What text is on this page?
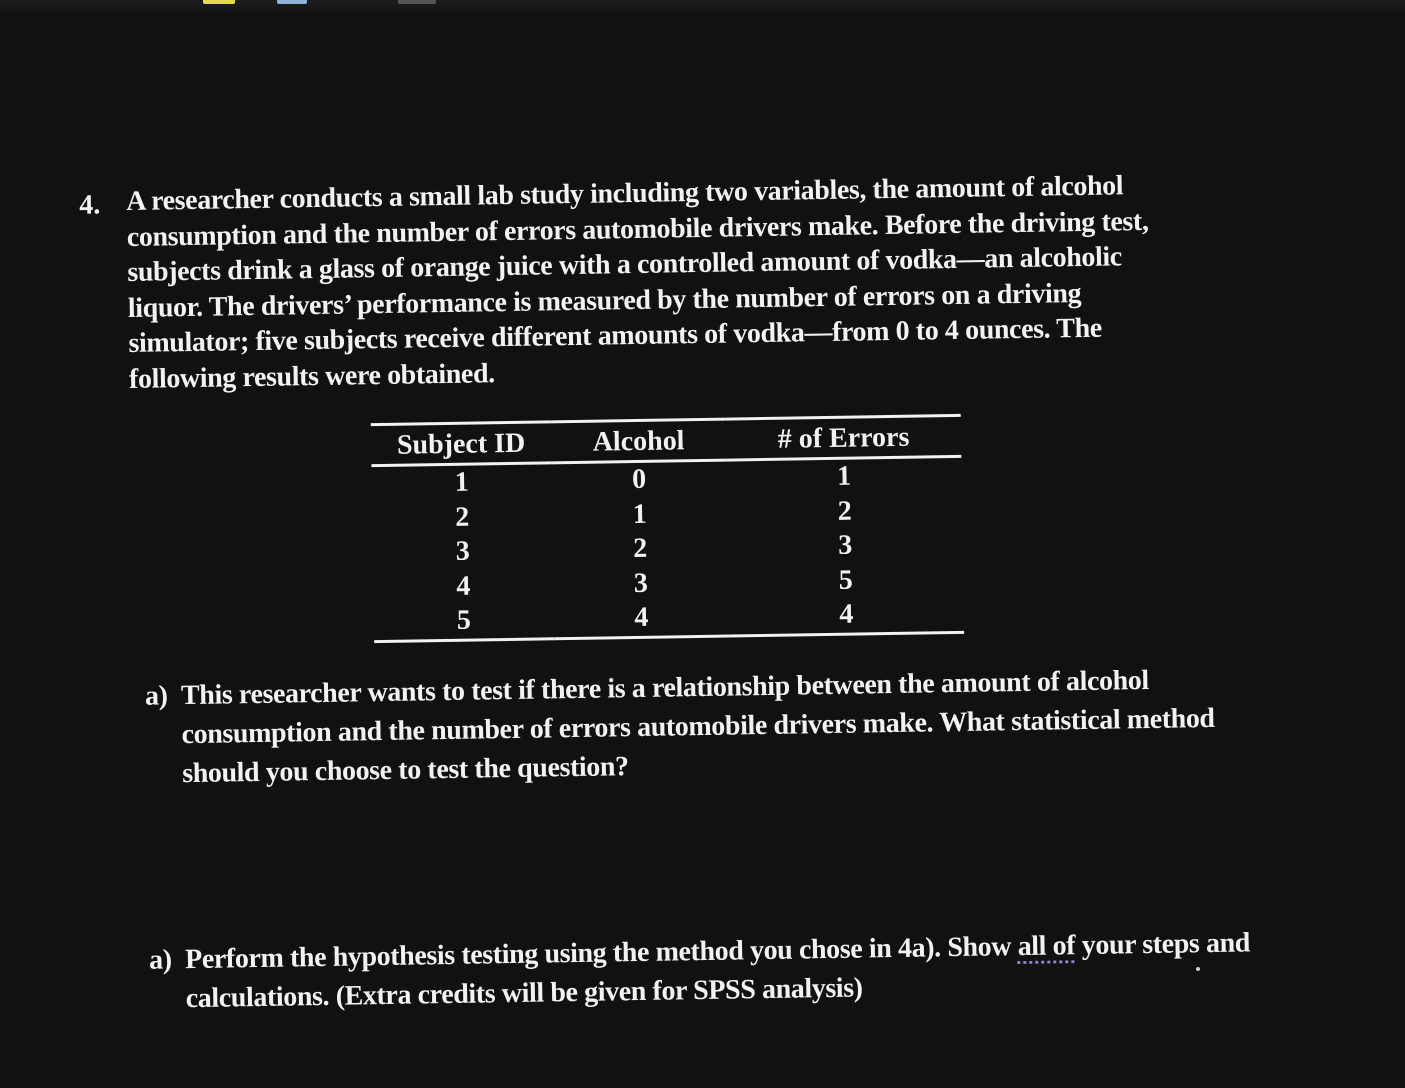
4. A researcher conducts a small lab study including two variables, the amount of alcohol consumption and the number of errors automobile drivers make. Before the driving test, subjects drink a glass of orange juice with a controlled amount of vodka—an alcoholic liquor. The drivers’ performance is measured by the number of errors on a driving simulator; five subjects receive different amounts of vodka—from 0 to 4 ounces. The following results were obtained.

Subject ID	Alcohol	# of Errors
1	0	1
2	1	2
3	2	3
4	3	5
5	4	4
a) This researcher wants to test if there is a relationship between the amount of alcohol consumption and the number of errors automobile drivers make. What statistical method should you choose to test the question?
a) Perform the hypothesis testing using the method you chose in 4a). Show all of your steps and calculations. (Extra credits will be given for SPSS analysis)
